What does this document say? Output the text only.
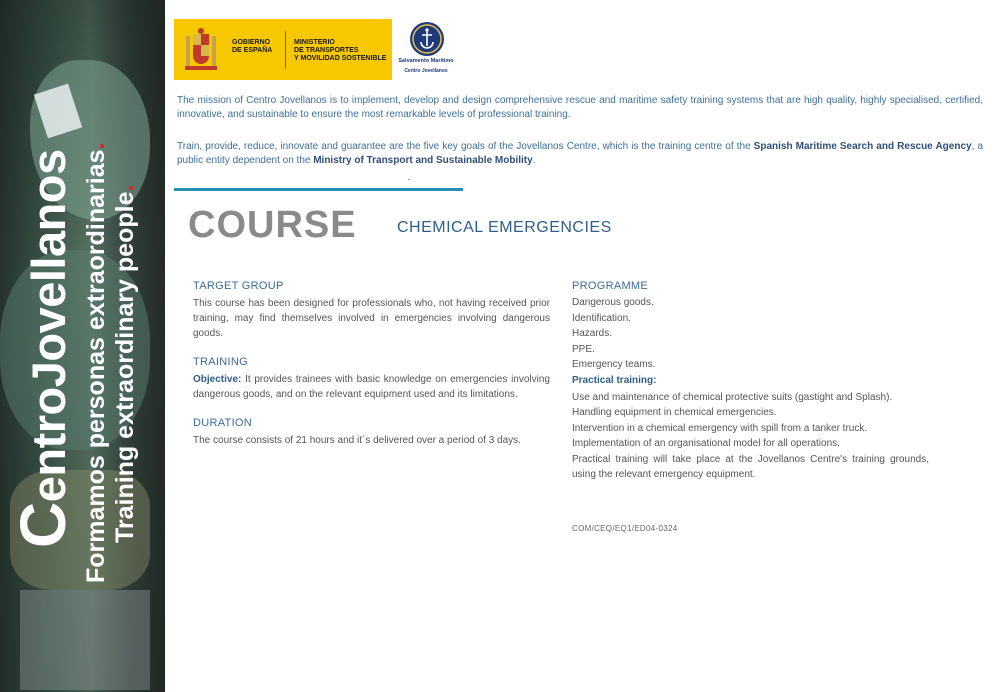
CentroJovellanos Formamos personas extraordinarias.
Training extraordinary people.
GOBIERNO
DE ESPAÑA
MINISTERIO
DE TRANSPORTES
Y MOVILIDAD SOSTENIBLE	Salvamento Marítimo
Centro Jovellanos
The mission of Centro Jovellanos is to implement, develop and design comprehensive rescue and maritime safety training systems that are high quality, highly specialised, certified, innovative, and sustainable to ensure the most remarkable levels of professional training.
Train, provide, reduce, innovate and guarantee are the five key goals of the Jovellanos Centre, which is the training centre of the Spanish Maritime Search and Rescue Agency, a public entity dependent on the Ministry of Transport and Sustainable Mobility.
COURSE	CHEMICAL EMERGENCIES

TARGET GROUP

This course has been designed for professionals who, not having received prior training, may find themselves involved in emergencies involving dangerous goods.

TRAINING

Objective: It provides trainees with basic knowledge on emergencies involving dangerous goods, and on the relevant equipment used and its limitations.

DURATION

The course consists of 21 hours and it´s delivered over a period of 3 days.

PROGRAMME

Dangerous goods.
Identification.
Hazards.
PPE.
Emergency teams.
Practical training:
Use and maintenance of chemical protective suits (gastight and Splash).
Handling equipment in chemical emergencies.
Intervention in a chemical emergency with spill from a tanker truck.
Implementation of an organisational model for all operations.
Practical training will take place at the Jovellanos Centre's training grounds, using the relevant emergency equipment.
COM/CEQ/EQ1/ED04-0324
